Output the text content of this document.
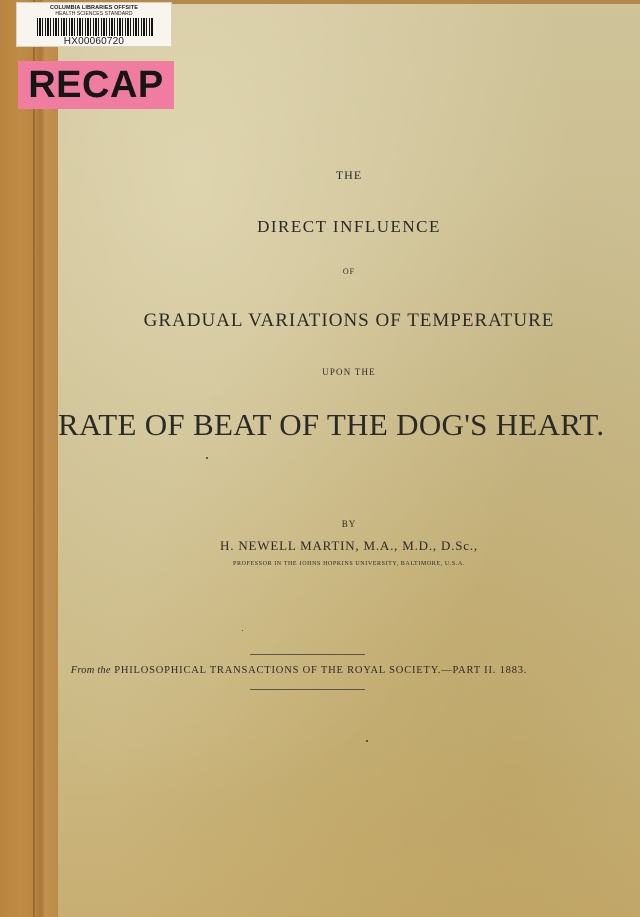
COLUMBIA LIBRARIES OFFSITE
HEALTH SCIENCES STANDARD
HX00060720
RECAP
THE
DIRECT INFLUENCE
OF
GRADUAL VARIATIONS OF TEMPERATURE
UPON THE
RATE OF BEAT OF THE DOG'S HEART.
BY
H. NEWELL MARTIN, M.A., M.D., D.Sc.,
PROFESSOR IN THE JOHNS HOPKINS UNIVERSITY, BALTIMORE, U.S.A.
From the PHILOSOPHICAL TRANSACTIONS OF THE ROYAL SOCIETY.—PART II. 1883.
